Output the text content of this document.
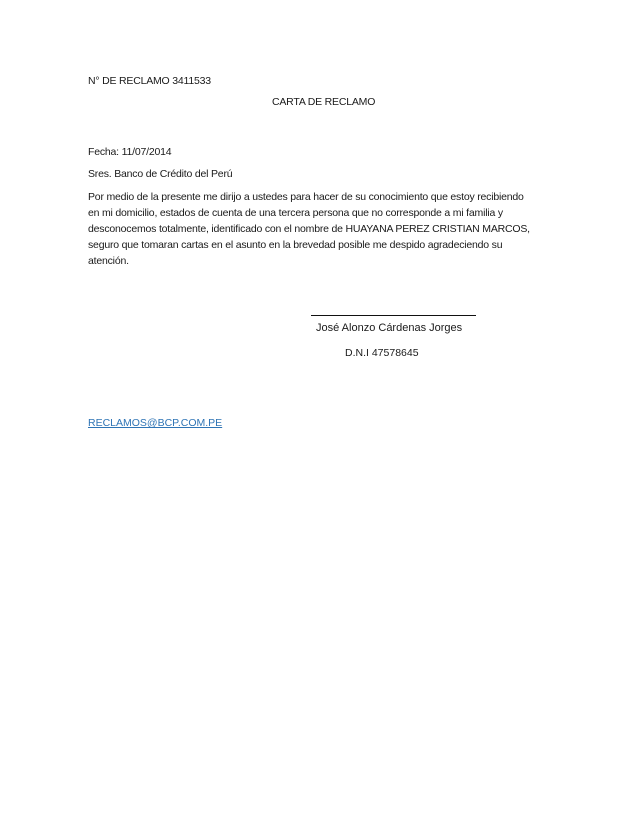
N° DE RECLAMO 3411533
CARTA DE RECLAMO
Fecha: 11/07/2014
Sres. Banco de Crédito del Perú
Por medio de la presente me dirijo a ustedes para hacer de su conocimiento que estoy recibiendo
en mi domicilio, estados de cuenta de una tercera persona que no corresponde a mi familia y
desconocemos totalmente, identificado con el nombre de HUAYANA PEREZ CRISTIAN MARCOS,
seguro que tomaran cartas en el asunto en la brevedad posible me despido agradeciendo su
atención.
José Alonzo Cárdenas Jorges
D.N.I 47578645
RECLAMOS@BCP.COM.PE
